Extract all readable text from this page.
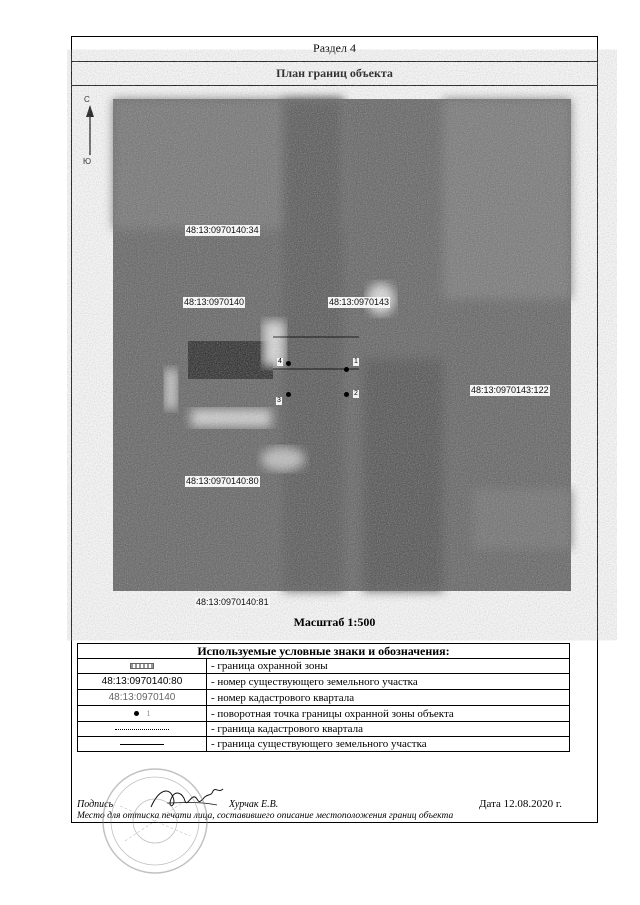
Раздел 4
План границ объекта
С
Ю
48:13:0970140:34
48:13:0970140	48:13:0970143
48:13:0970143:122
48:13:0970140:80
48:13:0970140:81
4
3
1
2
Масштаб 1:500
Используемые условные знаки и обозначения:	
	- граница охранной зоны
48:13:0970140:80	- номер существующего земельного участка
48:13:0970140	- номер кадастрового квартала
1	- поворотная точка границы охранной зоны объекта
	- граница кадастрового квартала
	- граница существующего земельного участка
Подпись	Хурчак Е.В.	Дата 12.08.2020 г.
Место для оттиска печати лица, составившего описание местоположения границ объекта
